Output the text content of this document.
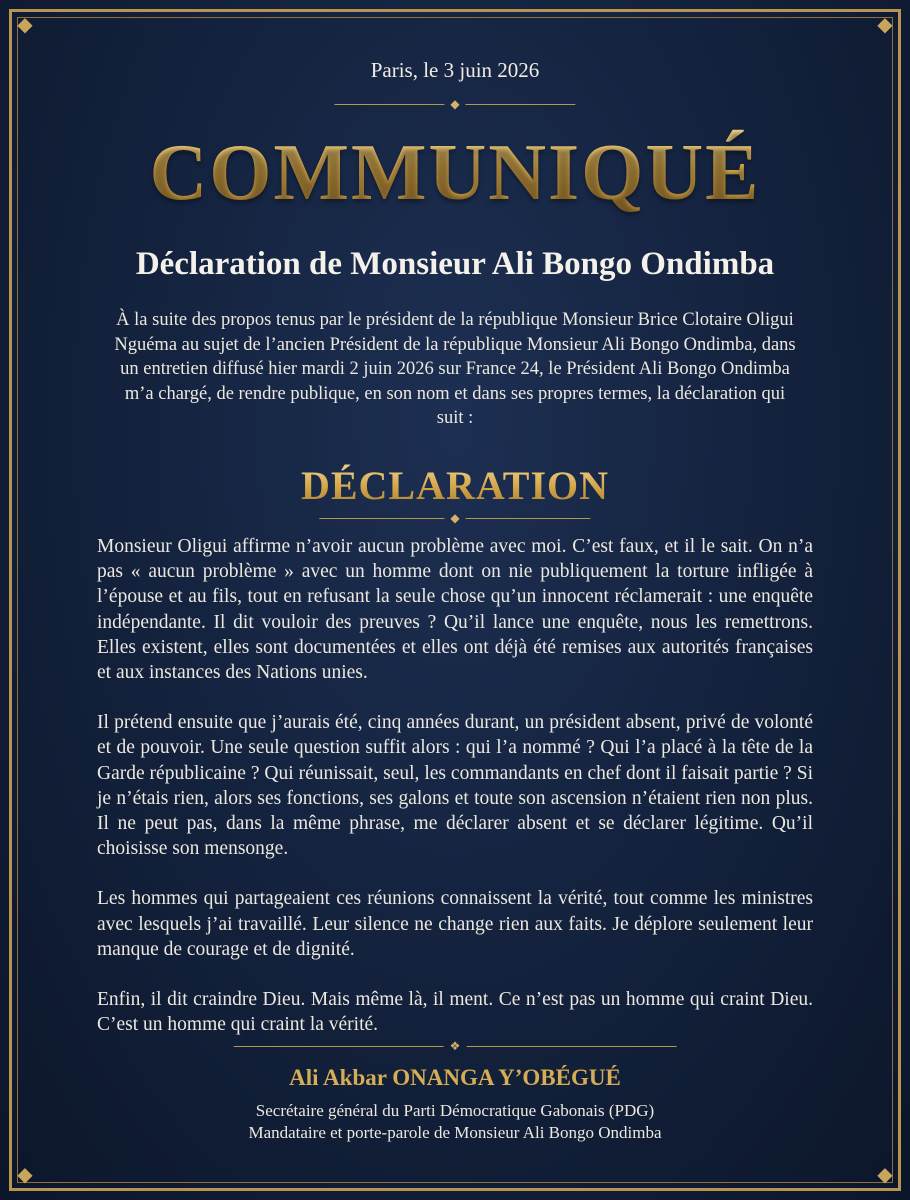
◆	◆
◆	◆
Paris, le 3 juin 2026
◆
COMMUNIQUÉ
Déclaration de Monsieur Ali Bongo Ondimba
À la suite des propos tenus par le président de la république Monsieur Brice Clotaire Oligui Nguéma au sujet de l’ancien Président de la république Monsieur Ali Bongo Ondimba, dans un entretien diffusé hier mardi 2 juin 2026 sur France 24, le Président Ali Bongo Ondimba m’a chargé, de rendre publique, en son nom et dans ses propres termes, la déclaration qui suit :
DÉCLARATION
◆

Monsieur Oligui affirme n’avoir aucun problème avec moi. C’est faux, et il le sait. On n’a pas « aucun problème » avec un homme dont on nie publiquement la torture infligée à l’épouse et au fils, tout en refusant la seule chose qu’un innocent réclamerait : une enquête indépendante. Il dit vouloir des preuves ? Qu’il lance une enquête, nous les remettrons. Elles existent, elles sont documentées et elles ont déjà été remises aux autorités françaises et aux instances des Nations unies.

Il prétend ensuite que j’aurais été, cinq années durant, un président absent, privé de volonté et de pouvoir. Une seule question suffit alors : qui l’a nommé ? Qui l’a placé à la tête de la Garde républicaine ? Qui réunissait, seul, les commandants en chef dont il faisait partie ? Si je n’étais rien, alors ses fonctions, ses galons et toute son ascension n’étaient rien non plus. Il ne peut pas, dans la même phrase, me déclarer absent et se déclarer légitime. Qu’il choisisse son mensonge.

Les hommes qui partageaient ces réunions connaissent la vérité, tout comme les ministres avec lesquels j’ai travaillé. Leur silence ne change rien aux faits. Je déplore seulement leur manque de courage et de dignité.

Enfin, il dit craindre Dieu. Mais même là, il ment. Ce n’est pas un homme qui craint Dieu. C’est un homme qui craint la vérité.

❖
Ali Akbar ONANGA Y’OBÉGUÉ
Secrétaire général du Parti Démocratique Gabonais (PDG)
Mandataire et porte-parole de Monsieur Ali Bongo Ondimba
